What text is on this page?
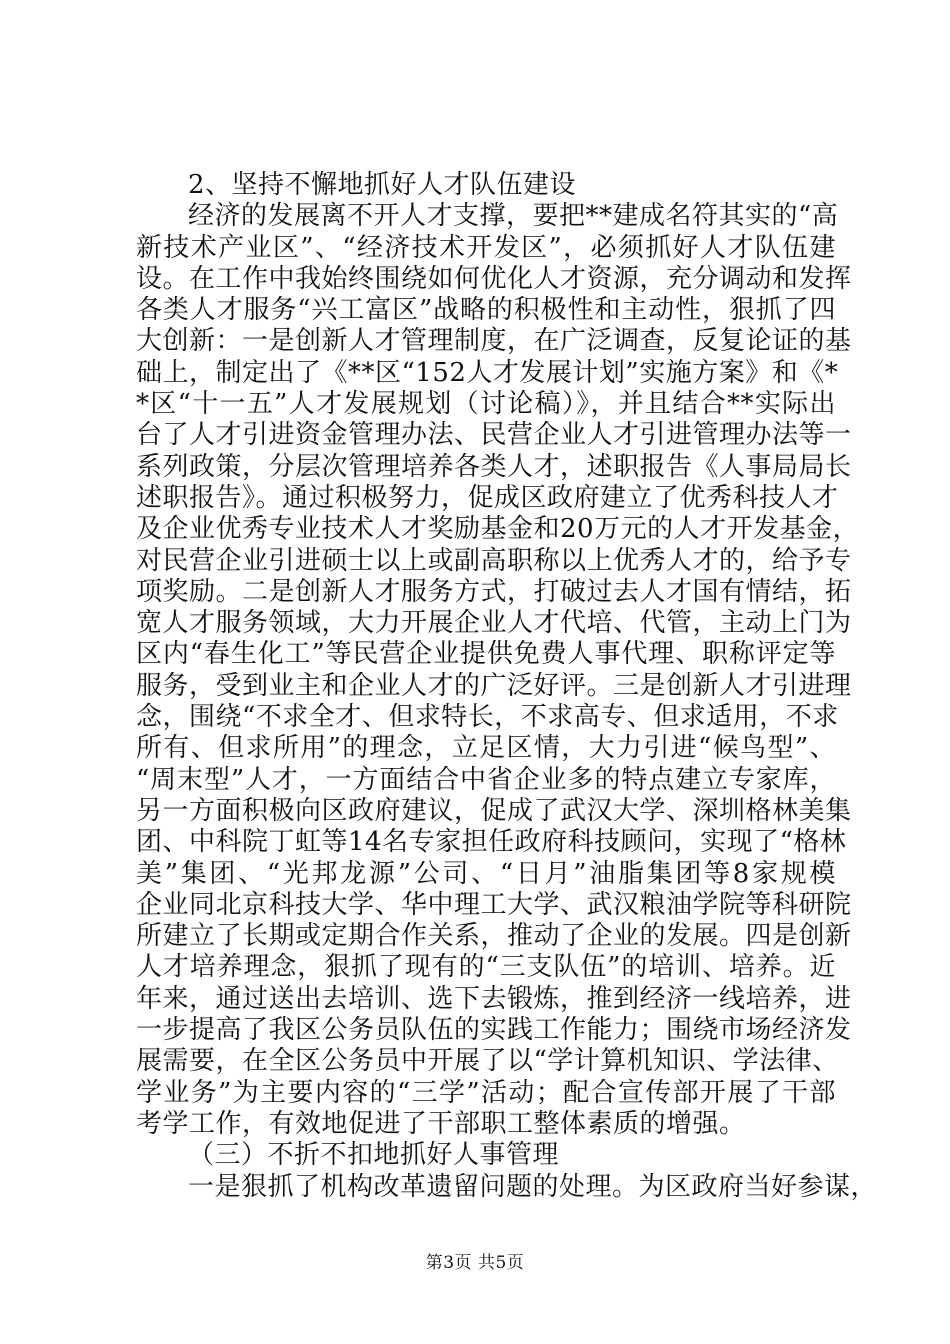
2、坚持不懈地抓好人才队伍建设
经济的发展离不开人才支撑，要把**建成名符其实的“高
新技术产业区”、“经济技术开发区”，必须抓好人才队伍建
设。在工作中我始终围绕如何优化人才资源，充分调动和发挥
各类人才服务“兴工富区”战略的积极性和主动性，狠抓了四
大创新：一是创新人才管理制度，在广泛调查，反复论证的基
础上，制定出了《**区“152人才发展计划”实施方案》和《*
*区“十一五”人才发展规划（讨论稿）》，并且结合**实际出
台了人才引进资金管理办法、民营企业人才引进管理办法等一
系列政策，分层次管理培养各类人才，述职报告《人事局局长
述职报告》。通过积极努力，促成区政府建立了优秀科技人才
及企业优秀专业技术人才奖励基金和20万元的人才开发基金，
对民营企业引进硕士以上或副高职称以上优秀人才的，给予专
项奖励。二是创新人才服务方式，打破过去人才国有情结，拓
宽人才服务领域，大力开展企业人才代培、代管，主动上门为
区内“春生化工”等民营企业提供免费人事代理、职称评定等
服务，受到业主和企业人才的广泛好评。三是创新人才引进理
念，围绕“不求全才、但求特长，不求高专、但求适用，不求
所有、但求所用”的理念，立足区情，大力引进“候鸟型”、
“周末型”人才，一方面结合中省企业多的特点建立专家库，
另一方面积极向区政府建议，促成了武汉大学、深圳格林美集
团、中科院丁虹等14名专家担任政府科技顾问，实现了“格林
美”集团、“光邦龙源”公司、“日月”油脂集团等8家规模
企业同北京科技大学、华中理工大学、武汉粮油学院等科研院
所建立了长期或定期合作关系，推动了企业的发展。四是创新
人才培养理念，狠抓了现有的“三支队伍”的培训、培养。近
年来，通过送出去培训、选下去锻炼，推到经济一线培养，进
一步提高了我区公务员队伍的实践工作能力；围绕市场经济发
展需要，在全区公务员中开展了以“学计算机知识、学法律、
学业务”为主要内容的“三学”活动；配合宣传部开展了干部
考学工作，有效地促进了干部职工整体素质的增强。
（三）不折不扣地抓好人事管理
一是狠抓了机构改革遗留问题的处理。为区政府当好参谋，
第3页 共5页
